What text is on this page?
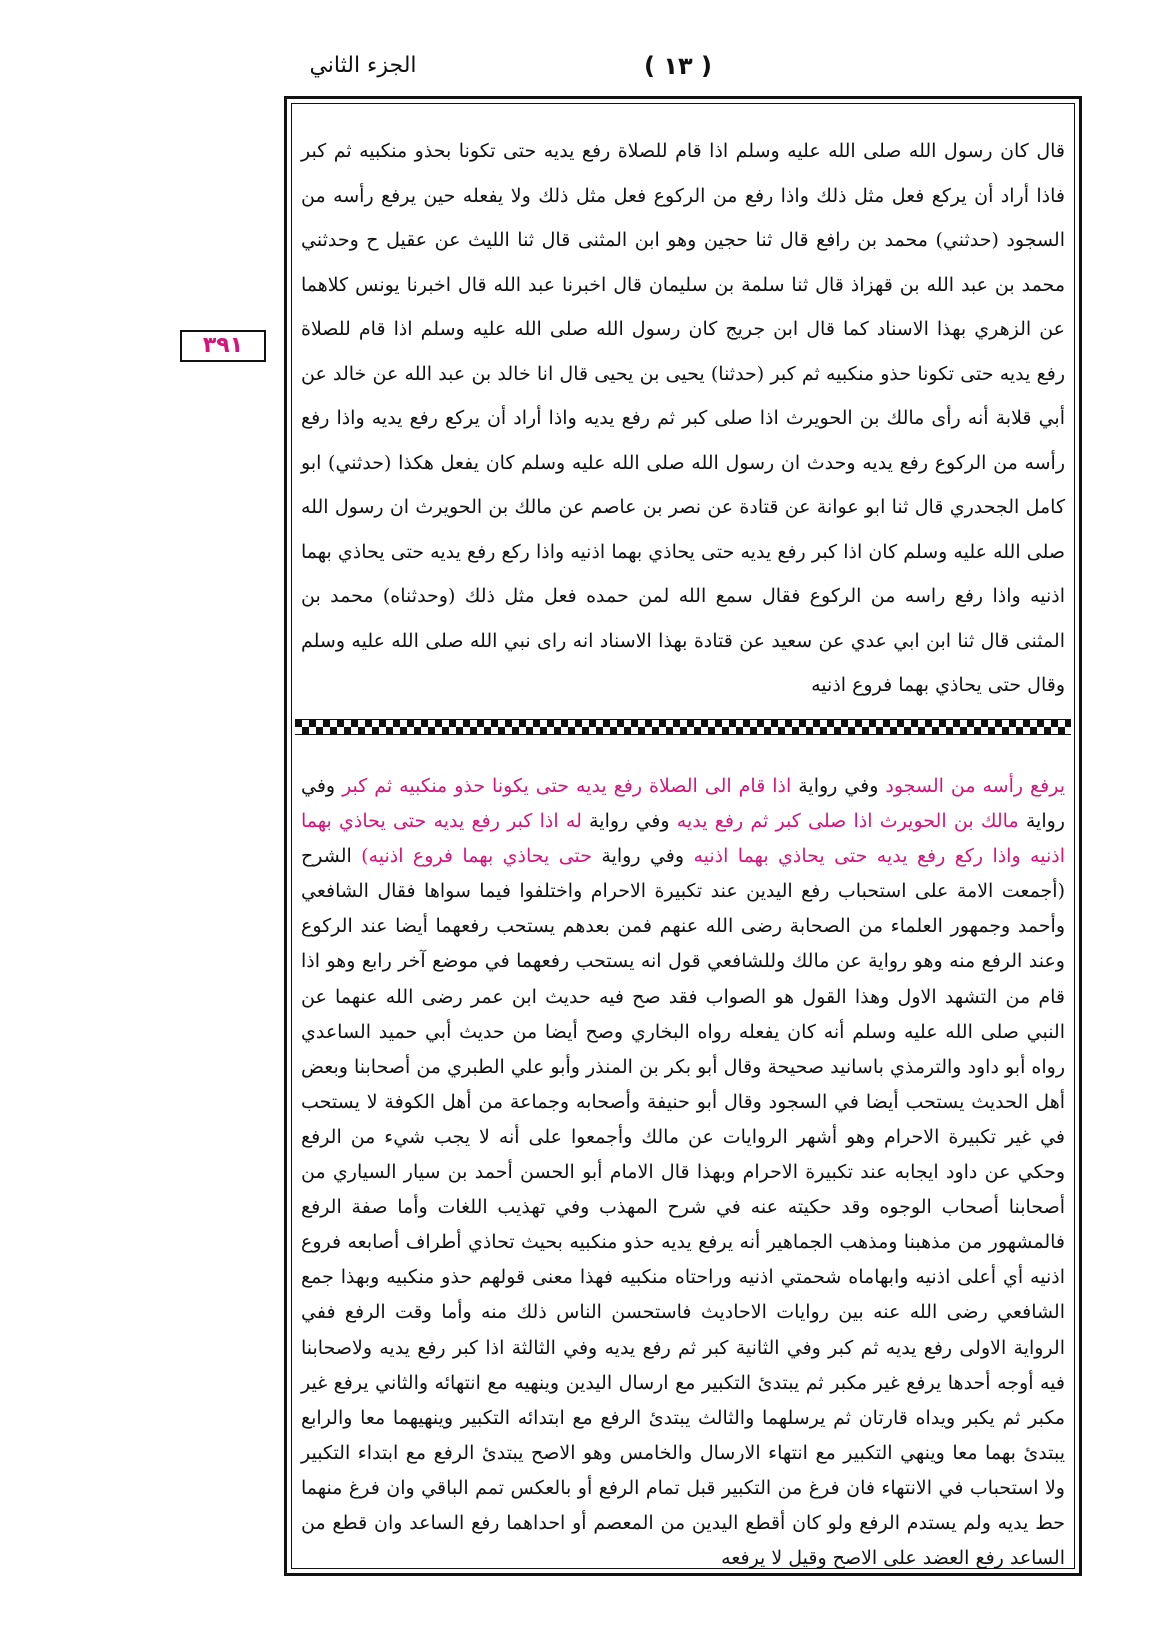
الجزء الثاني	( ١٣ )
٣٩١
قال كان رسول الله صلى الله عليه وسلم اذا قام للصلاة رفع يديه حتى تكونا بحذو منكبيه ثم كبر فاذا أراد أن يركع فعل مثل ذلك واذا رفع من الركوع فعل مثل ذلك ولا يفعله حين يرفع رأسه من السجود (حدثني) محمد بن رافع قال ثنا حجين وهو ابن المثنى قال ثنا الليث عن عقيل ح وحدثني محمد بن عبد الله بن قهزاذ قال ثنا سلمة بن سليمان قال اخبرنا عبد الله قال اخبرنا يونس كلاهما عن الزهري بهذا الاسناد كما قال ابن جريج كان رسول الله صلى الله عليه وسلم اذا قام للصلاة رفع يديه حتى تكونا حذو منكبيه ثم كبر (حدثنا) يحيى بن يحيى قال انا خالد بن عبد الله عن خالد عن أبي قلابة أنه رأى مالك بن الحويرث اذا صلى كبر ثم رفع يديه واذا أراد أن يركع رفع يديه واذا رفع رأسه من الركوع رفع يديه وحدث ان رسول الله صلى الله عليه وسلم كان يفعل هكذا (حدثني) ابو كامل الجحدري قال ثنا ابو عوانة عن قتادة عن نصر بن عاصم عن مالك بن الحويرث ان رسول الله صلى الله عليه وسلم كان اذا كبر رفع يديه حتى يحاذي بهما اذنيه واذا ركع رفع يديه حتى يحاذي بهما اذنيه واذا رفع راسه من الركوع فقال سمع الله لمن حمده فعل مثل ذلك (وحدثناه) محمد بن المثنى قال ثنا ابن ابي عدي عن سعيد عن قتادة بهذا الاسناد انه راى نبي الله صلى الله عليه وسلم وقال حتى يحاذي بهما فروع اذنيه
يرفع رأسه من السجود وفي رواية اذا قام الى الصلاة رفع يديه حتى يكونا حذو منكبيه ثم كبر وفي رواية مالك بن الحويرث اذا صلى كبر ثم رفع يديه وفي رواية له اذا كبر رفع يديه حتى يحاذي بهما اذنيه واذا ركع رفع يديه حتى يحاذي بهما اذنيه وفي رواية حتى يحاذي بهما فروع اذنيه) الشرح (أجمعت الامة على استحباب رفع اليدين عند تكبيرة الاحرام واختلفوا فيما سواها فقال الشافعي وأحمد وجمهور العلماء من الصحابة رضى الله عنهم فمن بعدهم يستحب رفعهما أيضا عند الركوع وعند الرفع منه وهو رواية عن مالك وللشافعي قول انه يستحب رفعهما في موضع آخر رابع وهو اذا قام من التشهد الاول وهذا القول هو الصواب فقد صح فيه حديث ابن عمر رضى الله عنهما عن النبي صلى الله عليه وسلم أنه كان يفعله رواه البخاري وصح أيضا من حديث أبي حميد الساعدي رواه أبو داود والترمذي باسانيد صحيحة وقال أبو بكر بن المنذر وأبو علي الطبري من أصحابنا وبعض أهل الحديث يستحب أيضا في السجود وقال أبو حنيفة وأصحابه وجماعة من أهل الكوفة لا يستحب في غير تكبيرة الاحرام وهو أشهر الروايات عن مالك وأجمعوا على أنه لا يجب شيء من الرفع وحكي عن داود ايجابه عند تكبيرة الاحرام وبهذا قال الامام أبو الحسن أحمد بن سيار السياري من أصحابنا أصحاب الوجوه وقد حكيته عنه في شرح المهذب وفي تهذيب اللغات وأما صفة الرفع فالمشهور من مذهبنا ومذهب الجماهير أنه يرفع يديه حذو منكبيه بحيث تحاذي أطراف أصابعه فروع اذنيه أي أعلى اذنيه وابهاماه شحمتي اذنيه وراحتاه منكبيه فهذا معنى قولهم حذو منكبيه وبهذا جمع الشافعي رضى الله عنه بين روايات الاحاديث فاستحسن الناس ذلك منه وأما وقت الرفع ففي الرواية الاولى رفع يديه ثم كبر وفي الثانية كبر ثم رفع يديه وفي الثالثة اذا كبر رفع يديه ولاصحابنا فيه أوجه أحدها يرفع غير مكبر ثم يبتدئ التكبير مع ارسال اليدين وينهيه مع انتهائه والثاني يرفع غير مكبر ثم يكبر ويداه قارتان ثم يرسلهما والثالث يبتدئ الرفع مع ابتدائه التكبير وينهيهما معا والرابع يبتدئ بهما معا وينهي التكبير مع انتهاء الارسال والخامس وهو الاصح يبتدئ الرفع مع ابتداء التكبير ولا استحباب في الانتهاء فان فرغ من التكبير قبل تمام الرفع أو بالعكس تمم الباقي وان فرغ منهما حط يديه ولم يستدم الرفع ولو كان أقطع اليدين من المعصم أو احداهما رفع الساعد وان قطع من الساعد رفع العضد على الاصح وقيل لا يرفعه
